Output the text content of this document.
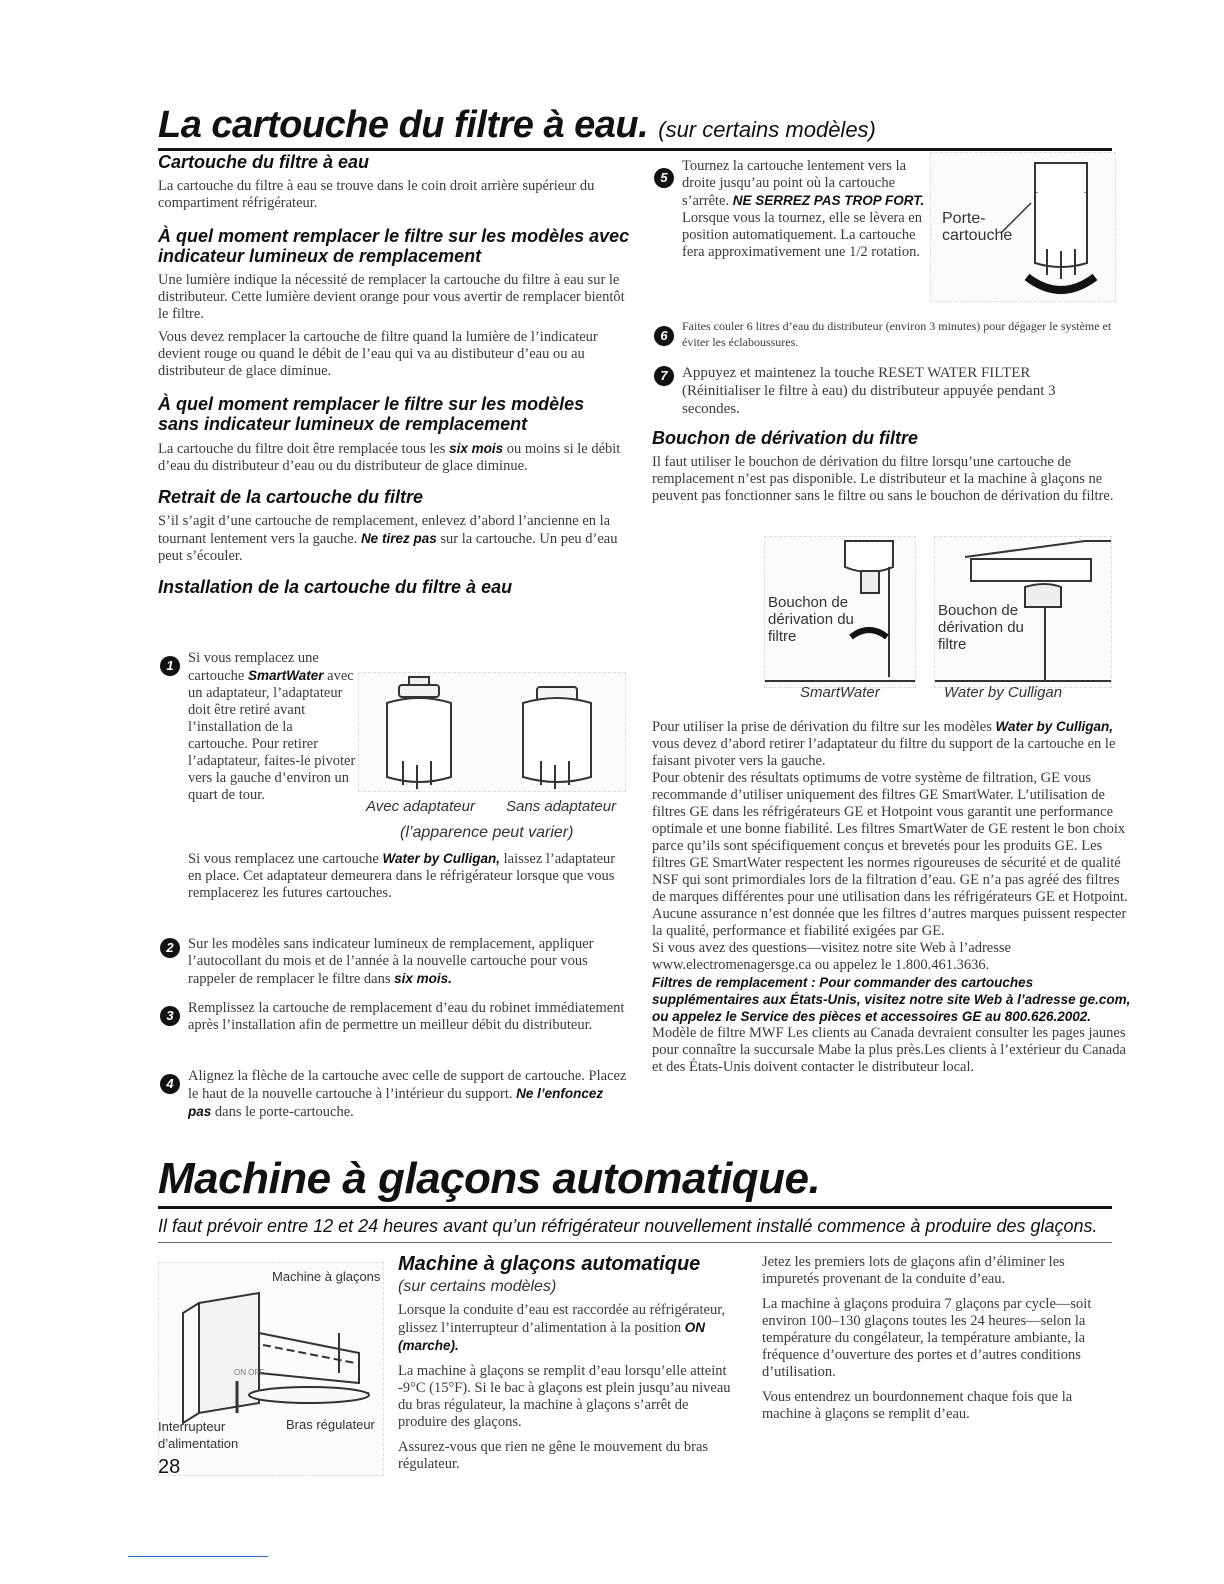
La cartouche du filtre à eau. (sur certains modèles)
Cartouche du filtre à eau
La cartouche du filtre à eau se trouve dans le coin droit arrière supérieur du compartiment réfrigérateur.
À quel moment remplacer le filtre sur les modèles avec indicateur lumineux de remplacement
Une lumière indique la nécessité de remplacer la cartouche du filtre à eau sur le distributeur. Cette lumière devient orange pour vous avertir de remplacer bientôt le filtre.
Vous devez remplacer la cartouche de filtre quand la lumière de l’indicateur devient rouge ou quand le débit de l’eau qui va au distibuteur d’eau ou au distributeur de glace diminue.
À quel moment remplacer le filtre sur les modèles sans indicateur lumineux de remplacement
La cartouche du filtre doit être remplacée tous les six mois ou moins si le débit d’eau du distributeur d’eau ou du distributeur de glace diminue.
Retrait de la cartouche du filtre
S’il s’agit d’une cartouche de remplacement, enlevez d’abord l’ancienne en la tournant lentement vers la gauche. Ne tirez pas sur la cartouche. Un peu d’eau peut s’écouler.
Installation de la cartouche du filtre à eau
1 Si vous remplacez une cartouche SmartWater avec un adaptateur, l’adaptateur doit être retiré avant l’installation de la cartouche. Pour retirer l’adaptateur, faites-le pivoter vers la gauche d’environ un quart de tour.
Avec adaptateur Sans adaptateur
(l’apparence peut varier)
Si vous remplacez une cartouche Water by Culligan, laissez l’adaptateur en place. Cet adaptateur demeurera dans le réfrigérateur lorsque que vous remplacerez les futures cartouches.
2 Sur les modèles sans indicateur lumineux de remplacement, appliquer l’autocollant du mois et de l’année à la nouvelle cartouche pour vous rappeler de remplacer le filtre dans six mois.
3 Remplissez la cartouche de remplacement d’eau du robinet immédiatement après l’installation afin de permettre un meilleur débit du distributeur.
4 Alignez la flèche de la cartouche avec celle de support de cartouche. Placez le haut de la nouvelle cartouche à l’intérieur du support. Ne l’enfoncez pas dans le porte-cartouche.
Machine à glaçons automatique.
5
Tournez la cartouche lentement vers la droite jusqu’au point où la cartouche s’arrête. NE SERREZ PAS TROP FORT. Lorsque vous la tournez, elle se lèvera en position automatiquement. La cartouche fera approximativement une 1/2 rotation.
Porte-cartouche
6
Faites couler 6 litres d’eau du distributeur (environ 3 minutes) pour dégager le système et éviter les éclaboussures.
7 Appuyez et maintenez la touche RESET WATER FILTER (Réinitialiser le filtre à eau) du distributeur appuyée pendant 3 secondes.
Bouchon de dérivation du filtre
Il faut utiliser le bouchon de dérivation du filtre lorsqu’une cartouche de remplacement n’est pas disponible. Le distributeur et la machine à glaçons ne peuvent pas fonctionner sans le filtre ou sans le bouchon de dérivation du filtre.
Bouchon de dérivation du filtre
SmartWater
Bouchon de dérivation du filtre
Water by Culligan
Pour utiliser la prise de dérivation du filtre sur les modèles Water by Culligan, vous devez d’abord retirer l’adaptateur du filtre du support de la cartouche en le faisant pivoter vers la gauche.
Pour obtenir des résultats optimums de votre système de filtration, GE vous recommande d’utiliser uniquement des filtres GE SmartWater. L’utilisation de filtres GE dans les réfrigérateurs GE et Hotpoint vous garantit une performance optimale et une bonne fiabilité. Les filtres SmartWater de GE restent le bon choix parce qu’ils sont spécifiquement conçus et brevetés pour les produits GE. Les filtres GE SmartWater respectent les normes rigoureuses de sécurité et de qualité NSF qui sont primordiales lors de la filtration d’eau. GE n’a pas agréé des filtres de marques différentes pour une utilisation dans les réfrigérateurs GE et Hotpoint. Aucune assurance n’est donnée que les filtres d’autres marques puissent respecter la qualité, performance et fiabilité exigées par GE.
Si vous avez des questions—visitez notre site Web à l’adresse www.electromenagersge.ca ou appelez le 1.800.461.3636.
Filtres de remplacement : Pour commander des cartouches supplémentaires aux États-Unis, visitez notre site Web à l’adresse ge.com, ou appelez le Service des pièces et accessoires GE au 800.626.2002.
Modèle de filtre MWF Les clients au Canada devraient consulter les pages jaunes pour connaître la succursale Mabe la plus près.Les clients à l’extérieur du Canada et des États-Unis doivent contacter le distributeur local.
Il faut prévoir entre 12 et 24 heures avant qu’un réfrigérateur nouvellement installé commence à produire des glaçons.
Machine à glaçons
ON OFF
Interrupteur d’alimentation
Bras régulateur
28
Machine à glaçons automatique
(sur certains modèles)
Lorsque la conduite d’eau est raccordée au réfrigérateur, glissez l’interrupteur d’alimentation à la position ON (marche).
La machine à glaçons se remplit d’eau lorsqu’elle atteint -9°C (15°F). Si le bac à glaçons est plein jusqu’au niveau du bras régulateur, la machine à glaçons s’arrêt de produire des glaçons.
Assurez-vous que rien ne gêne le mouvement du bras régulateur.
Jetez les premiers lots de glaçons afin d’éliminer les impuretés provenant de la conduite d’eau.
La machine à glaçons produira 7 glaçons par cycle—soit environ 100–130 glaçons toutes les 24 heures—selon la température du congélateur, la température ambiante, la fréquence d’ouverture des portes et d’autres conditions d’utilisation.
Vous entendrez un bourdonnement chaque fois que la machine à glaçons se remplit d’eau.
